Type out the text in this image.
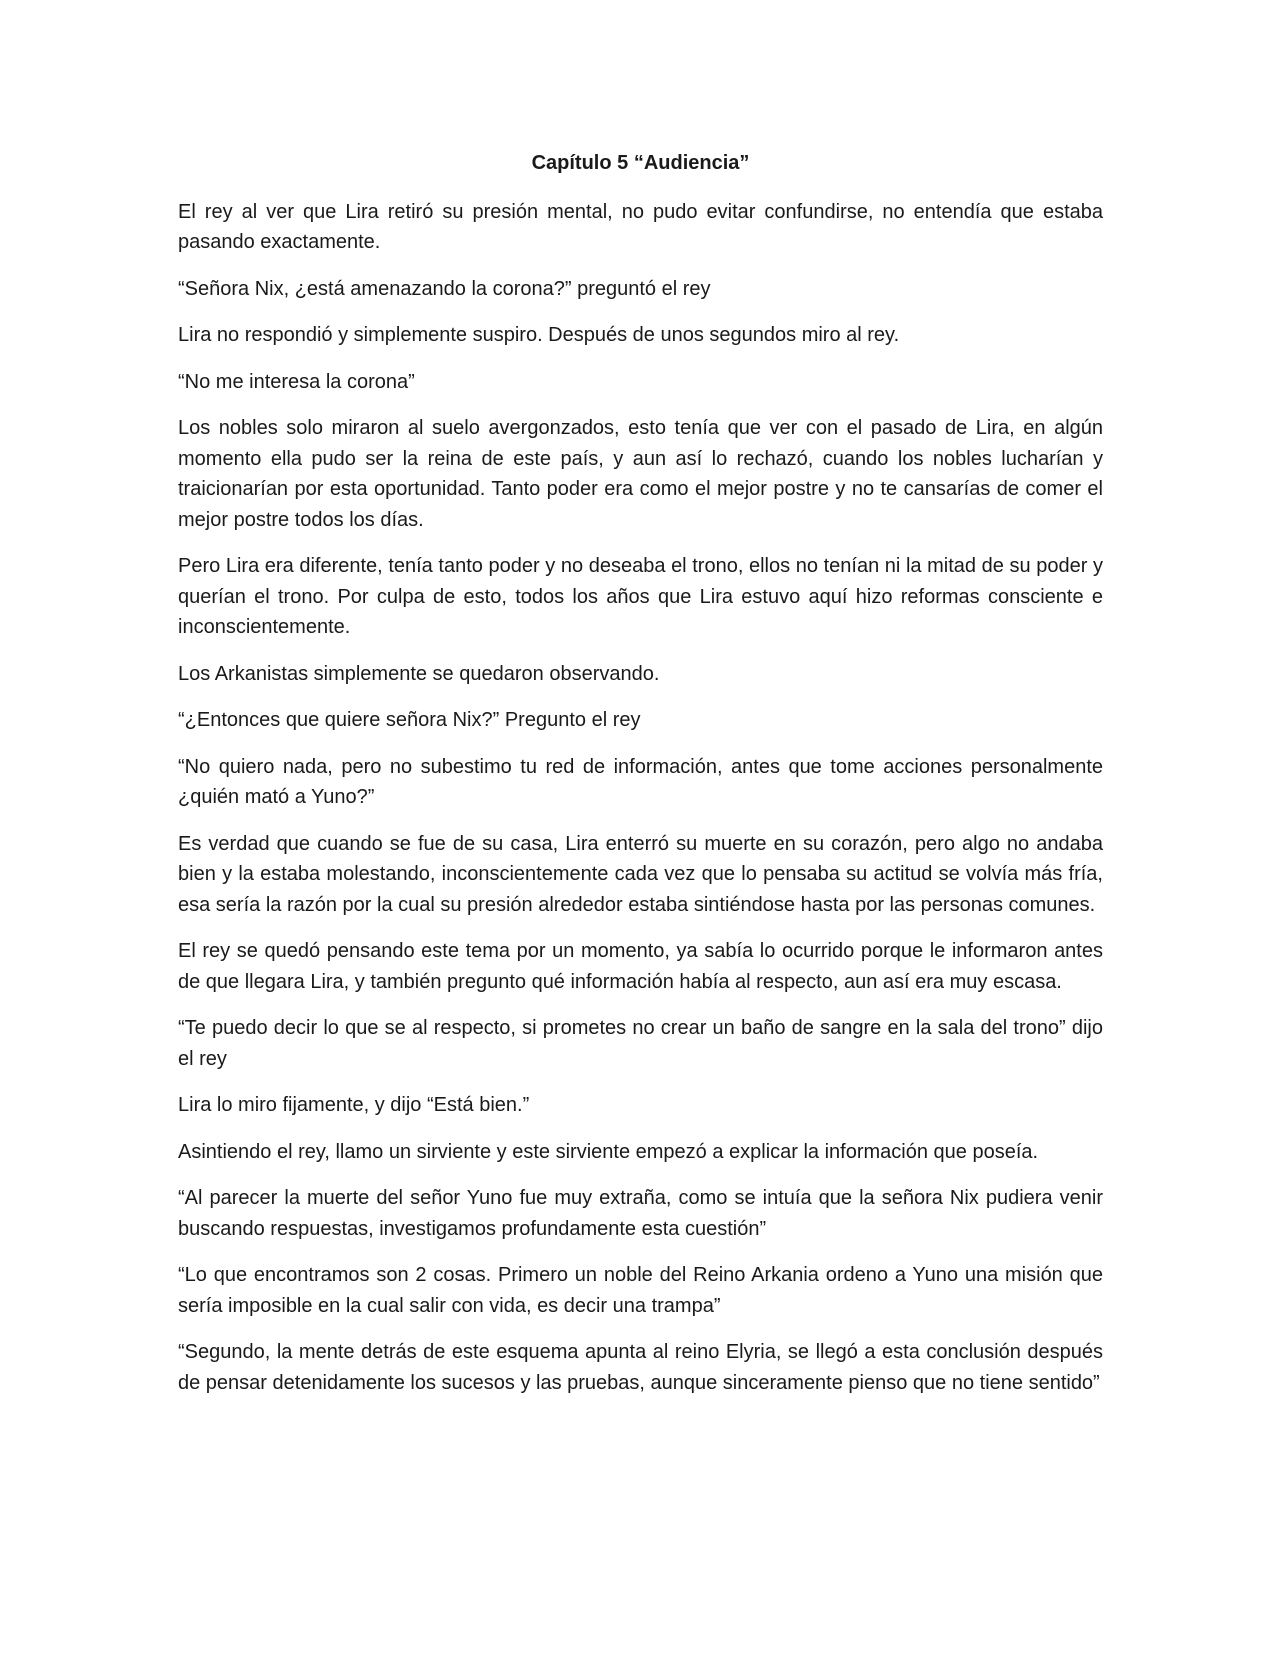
Capítulo 5 “Audiencia”

El rey al ver que Lira retiró su presión mental, no pudo evitar confundirse, no entendía que estaba pasando exactamente.

“Señora Nix, ¿está amenazando la corona?” preguntó el rey

Lira no respondió y simplemente suspiro. Después de unos segundos miro al rey.

“No me interesa la corona”

Los nobles solo miraron al suelo avergonzados, esto tenía que ver con el pasado de Lira, en algún momento ella pudo ser la reina de este país, y aun así lo rechazó, cuando los nobles lucharían y traicionarían por esta oportunidad. Tanto poder era como el mejor postre y no te cansarías de comer el mejor postre todos los días.

Pero Lira era diferente, tenía tanto poder y no deseaba el trono, ellos no tenían ni la mitad de su poder y querían el trono. Por culpa de esto, todos los años que Lira estuvo aquí hizo reformas consciente e inconscientemente.

Los Arkanistas simplemente se quedaron observando.

“¿Entonces que quiere señora Nix?” Pregunto el rey

“No quiero nada, pero no subestimo tu red de información, antes que tome acciones personalmente ¿quién mató a Yuno?”

Es verdad que cuando se fue de su casa, Lira enterró su muerte en su corazón, pero algo no andaba bien y la estaba molestando, inconscientemente cada vez que lo pensaba su actitud se volvía más fría, esa sería la razón por la cual su presión alrededor estaba sintiéndose hasta por las personas comunes.

El rey se quedó pensando este tema por un momento, ya sabía lo ocurrido porque le informaron antes de que llegara Lira, y también pregunto qué información había al respecto, aun así era muy escasa.

“Te puedo decir lo que se al respecto, si prometes no crear un baño de sangre en la sala del trono” dijo el rey

Lira lo miro fijamente, y dijo “Está bien.”

Asintiendo el rey, llamo un sirviente y este sirviente empezó a explicar la información que poseía.

“Al parecer la muerte del señor Yuno fue muy extraña, como se intuía que la señora Nix pudiera venir buscando respuestas, investigamos profundamente esta cuestión”

“Lo que encontramos son 2 cosas. Primero un noble del Reino Arkania ordeno a Yuno una misión que sería imposible en la cual salir con vida, es decir una trampa”

“Segundo, la mente detrás de este esquema apunta al reino Elyria, se llegó a esta conclusión después de pensar detenidamente los sucesos y las pruebas, aunque sinceramente pienso que no tiene sentido”
